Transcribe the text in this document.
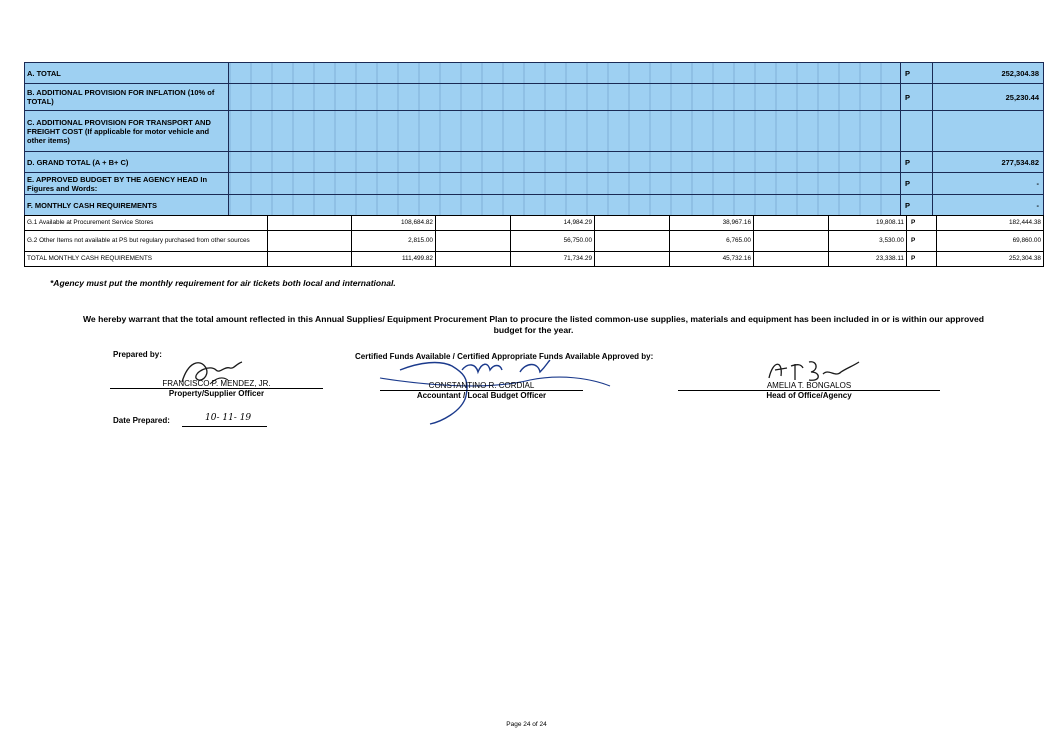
A. TOTAL		P	252,304.38
B. ADDITIONAL PROVISION FOR INFLATION (10% of TOTAL)		P	25,230.44
C. ADDITIONAL PROVISION FOR TRANSPORT AND FREIGHT COST (If applicable for motor vehicle and other items)			
D. GRAND TOTAL (A + B+ C)		P	277,534.82
E. APPROVED BUDGET BY THE AGENCY HEAD In Figures and Words:		P	-
F. MONTHLY CASH REQUIREMENTS		P	-
G.1 Available at Procurement Service Stores		108,684.82		14,984.29		38,967.16		19,808.11	P	182,444.38
G.2 Other Items not available at PS but regulary purchased from other sources		2,815.00		56,750.00		6,765.00		3,530.00	P	69,860.00
TOTAL MONTHLY CASH REQUIREMENTS		111,499.82		71,734.29		45,732.16		23,338.11	P	252,304.38
*Agency must put the monthly requirement for air tickets both local and international.
We hereby warrant that the total amount reflected in this Annual Supplies/ Equipment Procurement Plan to procure the listed common-use supplies, materials and equipment has been included in or is within our approved
budget for the year.
Prepared by:	Certified Funds Available / Certified Appropriate Funds Available Approved by:
FRANCISCO P. MENDEZ, JR.
Property/Supplier Officer
CONSTANTINO R. CORDIAL
Accountant / Local Budget Officer
AMELIA T. BONGALOS
Head of Office/Agency
Date Prepared:	10- 11- 19
Page 24 of 24
